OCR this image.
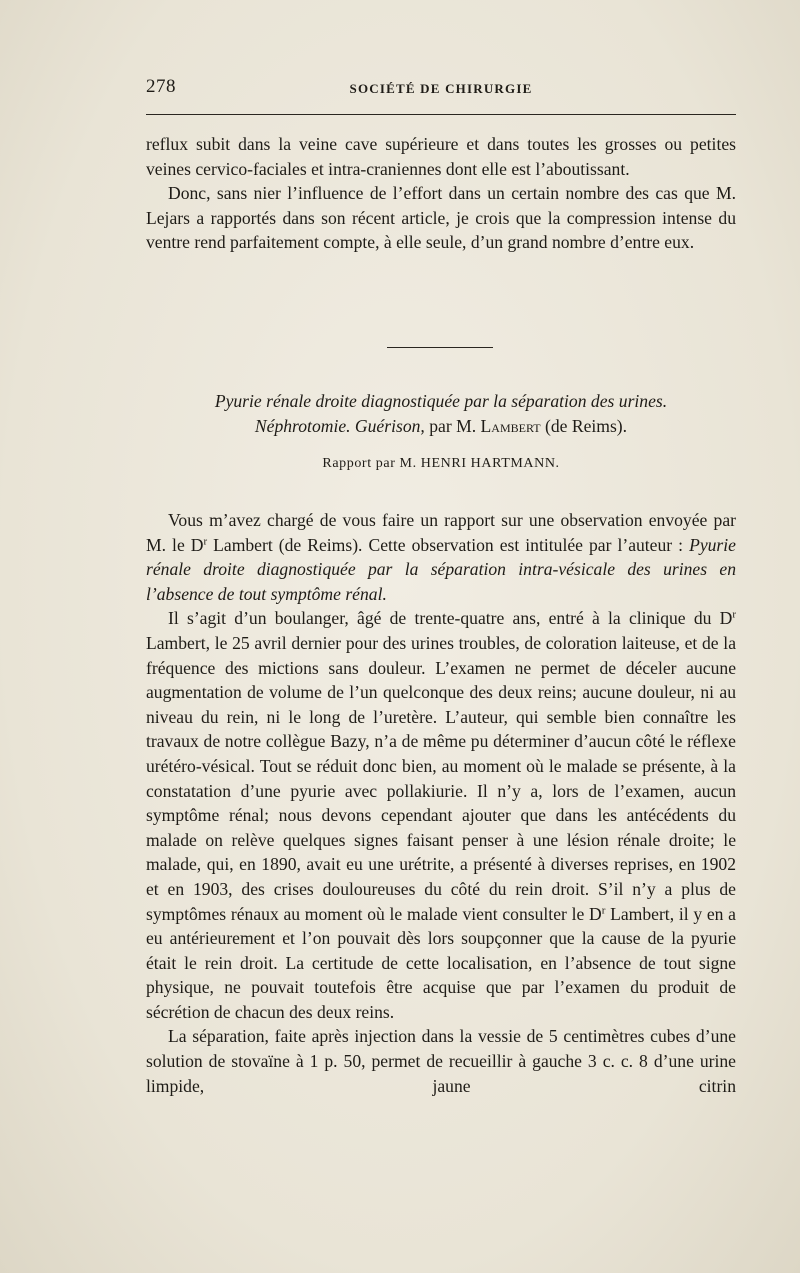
278	SOCIÉTÉ DE CHIRURGIE

reflux subit dans la veine cave supérieure et dans toutes les grosses ou petites veines cervico-faciales et intra-craniennes dont elle est l’aboutissant.

Donc, sans nier l’influence de l’effort dans un certain nombre des cas que M. Lejars a rapportés dans son récent article, je crois que la compression intense du ventre rend parfaitement compte, à elle seule, d’un grand nombre d’entre eux.

Pyurie rénale droite diagnostiquée par la séparation des urines.
Néphrotomie. Guérison, par M. Lambert (de Reims).
Rapport par M. HENRI HARTMANN.

Vous m’avez chargé de vous faire un rapport sur une observation envoyée par M. le $D^r$ Lambert (de Reims). Cette observation est intitulée par l’auteur : Pyurie rénale droite diagnostiquée par la séparation intra-vésicale des urines en l’absence de tout symptôme rénal.

Il s’agit d’un boulanger, âgé de trente-quatre ans, entré à la clinique du $D^r$ Lambert, le 25 avril dernier pour des urines troubles, de coloration laiteuse, et de la fréquence des mictions sans douleur. L’examen ne permet de déceler aucune augmentation de volume de l’un quelconque des deux reins; aucune douleur, ni au niveau du rein, ni le long de l’uretère. L’auteur, qui semble bien connaître les travaux de notre collègue Bazy, n’a de même pu déterminer d’aucun côté le réflexe urétéro-vésical. Tout se réduit donc bien, au moment où le malade se présente, à la constatation d’une pyurie avec pollakiurie. Il n’y a, lors de l’examen, aucun symptôme rénal; nous devons cependant ajouter que dans les antécédents du malade on relève quelques signes faisant penser à une lésion rénale droite; le malade, qui, en 1890, avait eu une urétrite, a présenté à diverses reprises, en 1902 et en 1903, des crises douloureuses du côté du rein droit. S’il n’y a plus de symptômes rénaux au moment où le malade vient consulter le $D^r$ Lambert, il y en a eu antérieurement et l’on pouvait dès lors soupçonner que la cause de la pyurie était le rein droit. La certitude de cette localisation, en l’absence de tout signe physique, ne pouvait toutefois être acquise que par l’examen du produit de sécrétion de chacun des deux reins.

La séparation, faite après injection dans la vessie de 5 centimètres cubes d’une solution de stovaïne à 1 p. 50, permet de recueillir à gauche 3 c. c. 8 d’une urine limpide, jaune citrin
